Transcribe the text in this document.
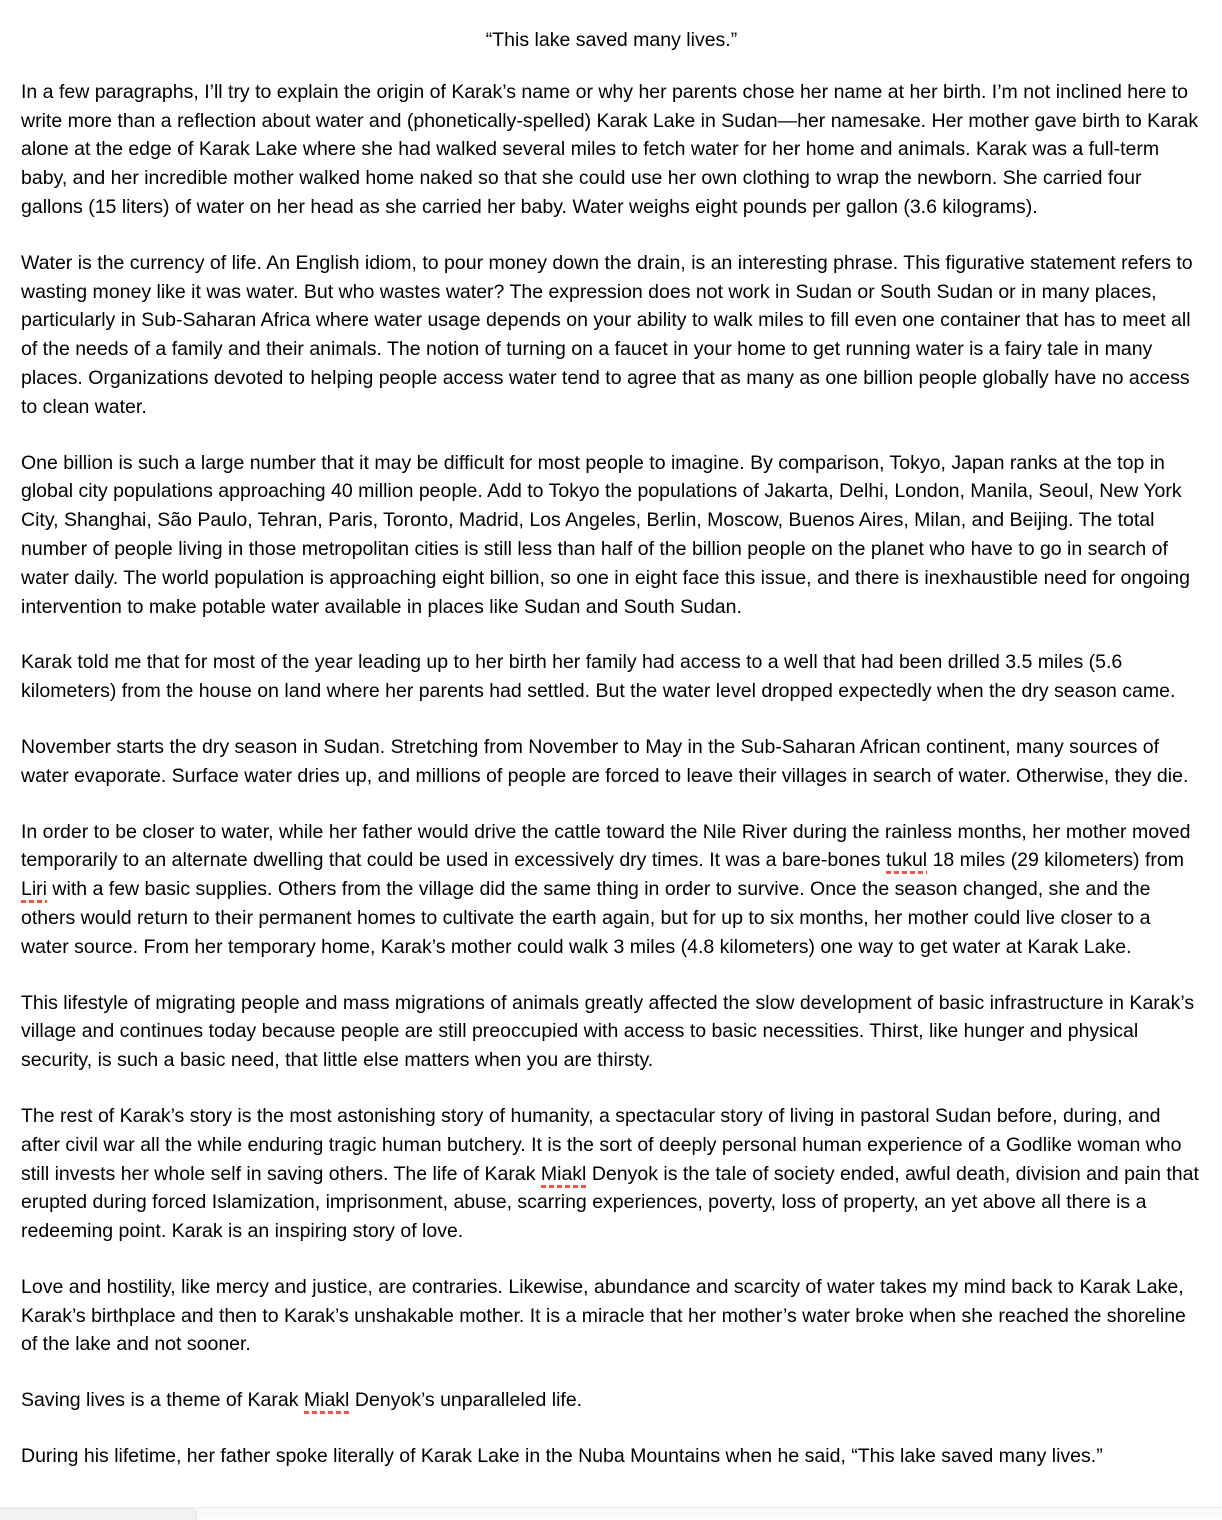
“This lake saved many lives.”

In a few paragraphs, I’ll try to explain the origin of Karak’s name or why her parents chose her name at her birth. I’m not inclined here to write more than a reflection about water and (phonetically-spelled) Karak Lake in Sudan—her namesake. Her mother gave birth to Karak alone at the edge of Karak Lake where she had walked several miles to fetch water for her home and animals. Karak was a full-term baby, and her incredible mother walked home naked so that she could use her own clothing to wrap the newborn. She carried four gallons (15 liters) of water on her head as she carried her baby. Water weighs eight pounds per gallon (3.6 kilograms).

Water is the currency of life. An English idiom, to pour money down the drain, is an interesting phrase. This figurative statement refers to wasting money like it was water. But who wastes water? The expression does not work in Sudan or South Sudan or in many places, particularly in Sub-Saharan Africa where water usage depends on your ability to walk miles to fill even one container that has to meet all of the needs of a family and their animals. The notion of turning on a faucet in your home to get running water is a fairy tale in many places. Organizations devoted to helping people access water tend to agree that as many as one billion people globally have no access to clean water.

One billion is such a large number that it may be difficult for most people to imagine. By comparison, Tokyo, Japan ranks at the top in global city populations approaching 40 million people. Add to Tokyo the populations of Jakarta, Delhi, London, Manila, Seoul, New York City, Shanghai, São Paulo, Tehran, Paris, Toronto, Madrid, Los Angeles, Berlin, Moscow, Buenos Aires, Milan, and Beijing. The total number of people living in those metropolitan cities is still less than half of the billion people on the planet who have to go in search of water daily. The world population is approaching eight billion, so one in eight face this issue, and there is inexhaustible need for ongoing intervention to make potable water available in places like Sudan and South Sudan.

Karak told me that for most of the year leading up to her birth her family had access to a well that had been drilled 3.5 miles (5.6 kilometers) from the house on land where her parents had settled. But the water level dropped expectedly when the dry season came.

November starts the dry season in Sudan. Stretching from November to May in the Sub-Saharan African continent, many sources of water evaporate. Surface water dries up, and millions of people are forced to leave their villages in search of water. Otherwise, they die.

In order to be closer to water, while her father would drive the cattle toward the Nile River during the rainless months, her mother moved temporarily to an alternate dwelling that could be used in excessively dry times. It was a bare-bones tukul 18 miles (29 kilometers) from Liri with a few basic supplies. Others from the village did the same thing in order to survive. Once the season changed, she and the others would return to their permanent homes to cultivate the earth again, but for up to six months, her mother could live closer to a water source. From her temporary home, Karak’s mother could walk 3 miles (4.8 kilometers) one way to get water at Karak Lake.

This lifestyle of migrating people and mass migrations of animals greatly affected the slow development of basic infrastructure in Karak’s village and continues today because people are still preoccupied with access to basic necessities. Thirst, like hunger and physical security, is such a basic need, that little else matters when you are thirsty.

The rest of Karak’s story is the most astonishing story of humanity, a spectacular story of living in pastoral Sudan before, during, and after civil war all the while enduring tragic human butchery. It is the sort of deeply personal human experience of a Godlike woman who still invests her whole self in saving others. The life of Karak Miakl Denyok is the tale of society ended, awful death, division and pain that erupted during forced Islamization, imprisonment, abuse, scarring experiences, poverty, loss of property, an yet above all there is a redeeming point. Karak is an inspiring story of love.

Love and hostility, like mercy and justice, are contraries. Likewise, abundance and scarcity of water takes my mind back to Karak Lake, Karak’s birthplace and then to Karak’s unshakable mother. It is a miracle that her mother’s water broke when she reached the shoreline of the lake and not sooner.

Saving lives is a theme of Karak Miakl Denyok’s unparalleled life.

During his lifetime, her father spoke literally of Karak Lake in the Nuba Mountains when he said, “This lake saved many lives.”
